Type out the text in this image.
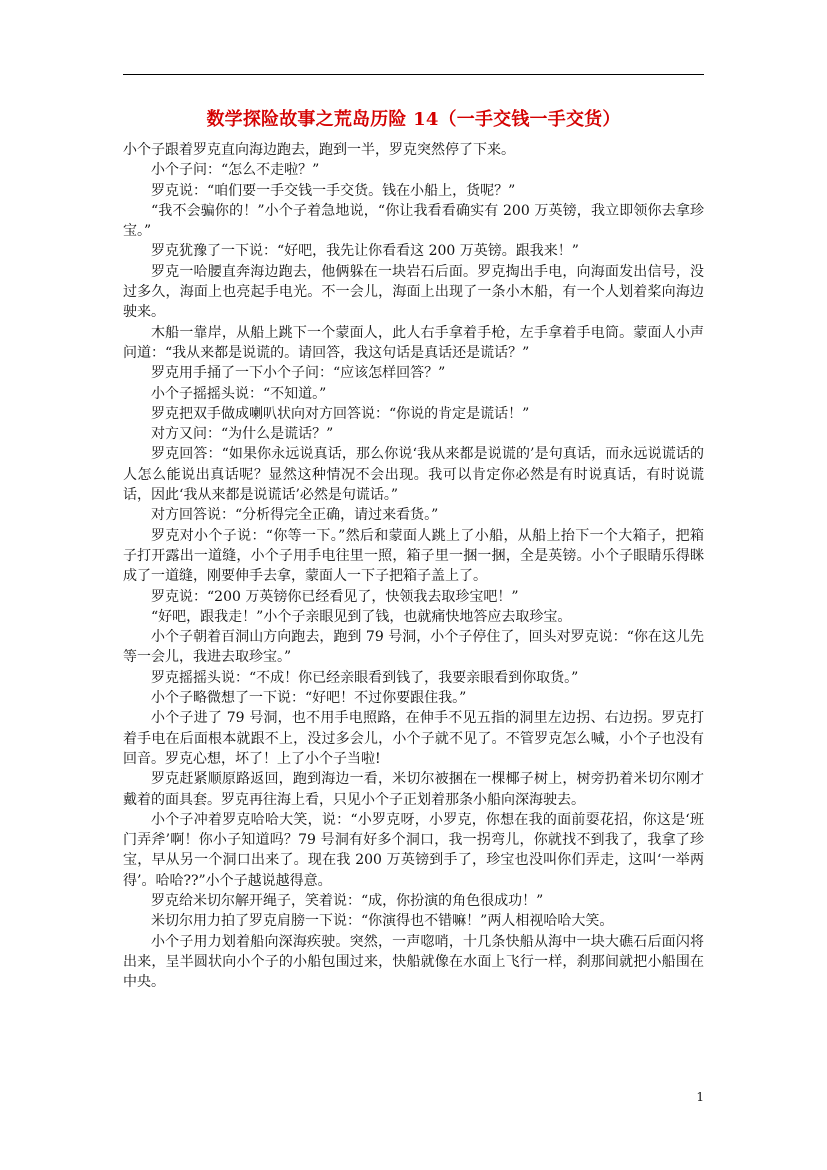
数学探险故事之荒岛历险 14（一手交钱一手交货）

小个子跟着罗克直向海边跑去，跑到一半，罗克突然停了下来。

小个子问：“怎么不走啦？”

罗克说：“咱们要一手交钱一手交货。钱在小船上，货呢？”

“我不会骗你的！”小个子着急地说，“你让我看看确实有 200 万英镑，我立即领你去拿珍宝。”

罗克犹豫了一下说：“好吧，我先让你看看这 200 万英镑。跟我来！”

罗克一哈腰直奔海边跑去，他俩躲在一块岩石后面。罗克掏出手电，向海面发出信号，没过多久，海面上也亮起手电光。不一会儿，海面上出现了一条小木船，有一个人划着桨向海边驶来。

木船一靠岸，从船上跳下一个蒙面人，此人右手拿着手枪，左手拿着手电筒。蒙面人小声问道：“我从来都是说谎的。请回答，我这句话是真话还是谎话？”

罗克用手捅了一下小个子问：“应该怎样回答？”

小个子摇摇头说：“不知道。”

罗克把双手做成喇叭状向对方回答说：“你说的肯定是谎话！”

对方又问：“为什么是谎话？”

罗克回答：“如果你永远说真话，那么你说‘我从来都是说谎的’是句真话，而永远说谎话的人怎么能说出真话呢？显然这种情况不会出现。我可以肯定你必然是有时说真话，有时说谎话，因此‘我从来都是说谎话’必然是句谎话。”

对方回答说：“分析得完全正确，请过来看货。”

罗克对小个子说：“你等一下。”然后和蒙面人跳上了小船，从船上抬下一个大箱子，把箱子打开露出一道缝，小个子用手电往里一照，箱子里一捆一捆，全是英镑。小个子眼睛乐得眯成了一道缝，刚要伸手去拿，蒙面人一下子把箱子盖上了。

罗克说：“200 万英镑你已经看见了，快领我去取珍宝吧！”

“好吧，跟我走！”小个子亲眼见到了钱，也就痛快地答应去取珍宝。

小个子朝着百洞山方向跑去，跑到 79 号洞，小个子停住了，回头对罗克说：“你在这儿先等一会儿，我进去取珍宝。”

罗克摇摇头说：“不成！你已经亲眼看到钱了，我要亲眼看到你取货。”

小个子略微想了一下说：“好吧！不过你要跟住我。”

小个子进了 79 号洞，也不用手电照路，在伸手不见五指的洞里左边拐、右边拐。罗克打着手电在后面根本就跟不上，没过多会儿，小个子就不见了。不管罗克怎么喊，小个子也没有回音。罗克心想，坏了！上了小个子当啦!

罗克赶紧顺原路返回，跑到海边一看，米切尔被捆在一棵椰子树上，树旁扔着米切尔刚才戴着的面具套。罗克再往海上看，只见小个子正划着那条小船向深海驶去。

小个子冲着罗克哈哈大笑，说：“小罗克呀，小罗克，你想在我的面前耍花招，你这是‘班门弄斧’啊！你小子知道吗？79 号洞有好多个洞口，我一拐弯儿，你就找不到我了，我拿了珍宝，早从另一个洞口出来了。现在我 200 万英镑到手了，珍宝也没叫你们弄走，这叫‘一举两得’。哈哈??”小个子越说越得意。

罗克给米切尔解开绳子，笑着说：“成，你扮演的角色很成功！”

米切尔用力拍了罗克肩膀一下说：“你演得也不错嘛！”两人相视哈哈大笑。

小个子用力划着船向深海疾驶。突然，一声唿哨，十几条快船从海中一块大礁石后面闪将出来，呈半圆状向小个子的小船包围过来，快船就像在水面上飞行一样，刹那间就把小船围在中央。

1
